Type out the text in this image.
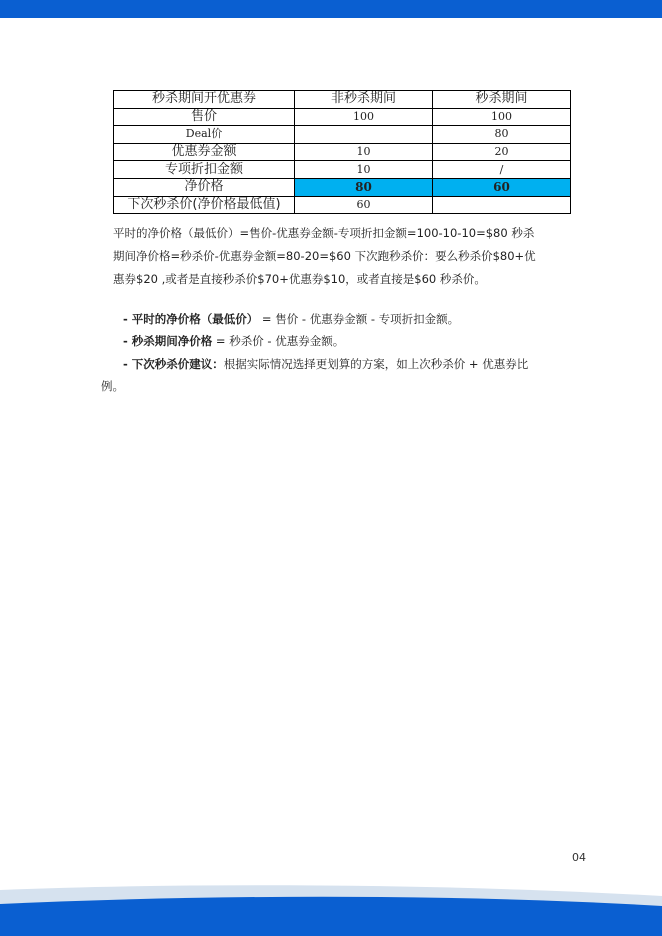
秒杀期间开优惠券	非秒杀期间	秒杀期间
售价	100	100
Deal价		80
优惠券金额	10	20
专项折扣金额	10	/
净价格	80	60
下次秒杀价(净价格最低值)	60	
平时的净价格（最低价）=售价-优惠券金额-专项折扣金额=100-10-10=$80 秒杀
期间净价格=秒杀价-优惠券金额=80-20=$60 下次跑秒杀价：要么秒杀价$80+优
惠券$20 ,或者是直接秒杀价$70+优惠券$10，或者直接是$60 秒杀价。
- 平时的净价格（最低价） = 售价 - 优惠券金额 - 专项折扣金额。
- 秒杀期间净价格 = 秒杀价 - 优惠券金额。
- 下次秒杀价建议：根据实际情况选择更划算的方案，如上次秒杀价 + 优惠券比
例。
04
